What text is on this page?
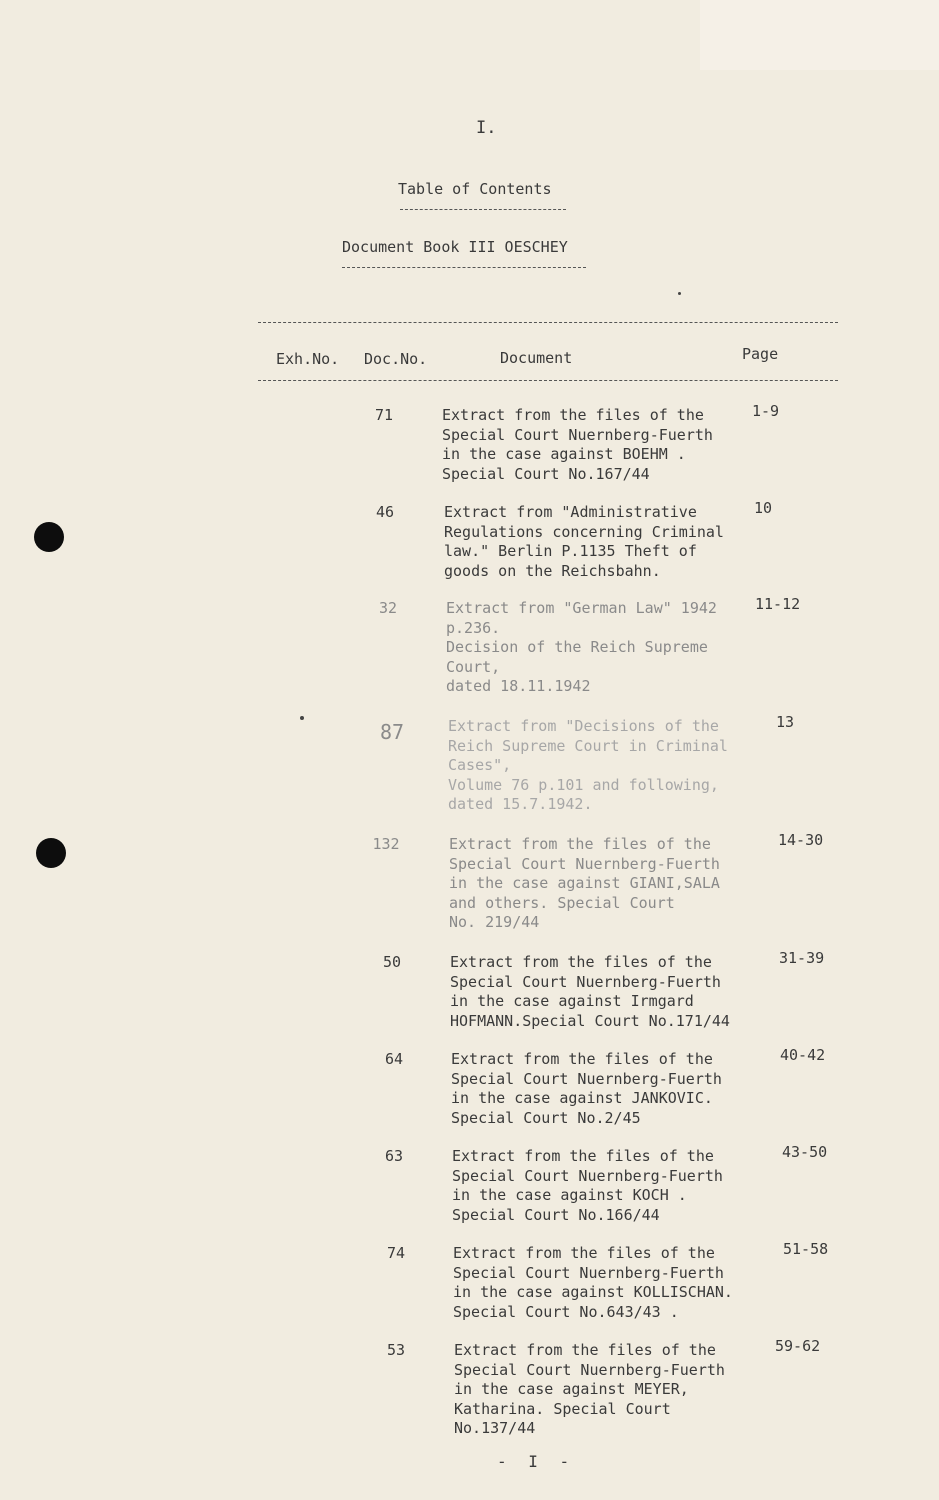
I.
Table of Contents
Document Book III OESCHEY
Exh.No. Doc.No.	Document	Page
71	Extract from the files of the
Special Court Nuernberg-Fuerth
in the case against BOEHM .
Special Court No.167/44
1-9
46	Extract from "Administrative
Regulations concerning Criminal
law." Berlin P.1135 Theft of
goods on the Reichsbahn.
10
32	Extract from "German Law" 1942
p.236.
Decision of the Reich Supreme
Court,
dated 18.11.1942
11-12
87	Extract from "Decisions of the
Reich Supreme Court in Criminal
Cases",
Volume 76 p.101 and following,
dated 15.7.1942.
13
132	Extract from the files of the
Special Court Nuernberg-Fuerth
in the case against GIANI,SALA
and others. Special Court
No. 219/44
14-30
50	Extract from the files of the
Special Court Nuernberg-Fuerth
in the case against Irmgard
HOFMANN.Special Court No.171/44
31-39
64	Extract from the files of the
Special Court Nuernberg-Fuerth
in the case against JANKOVIC.
Special Court No.2/45
40-42
63	Extract from the files of the
Special Court Nuernberg-Fuerth
in the case against KOCH .
Special Court No.166/44
43-50
74	Extract from the files of the
Special Court Nuernberg-Fuerth
in the case against KOLLISCHAN.
Special Court No.643/43 .
51-58
53	Extract from the files of the
Special Court Nuernberg-Fuerth
in the case against MEYER,
Katharina. Special Court
No.137/44
59-62
- I -
